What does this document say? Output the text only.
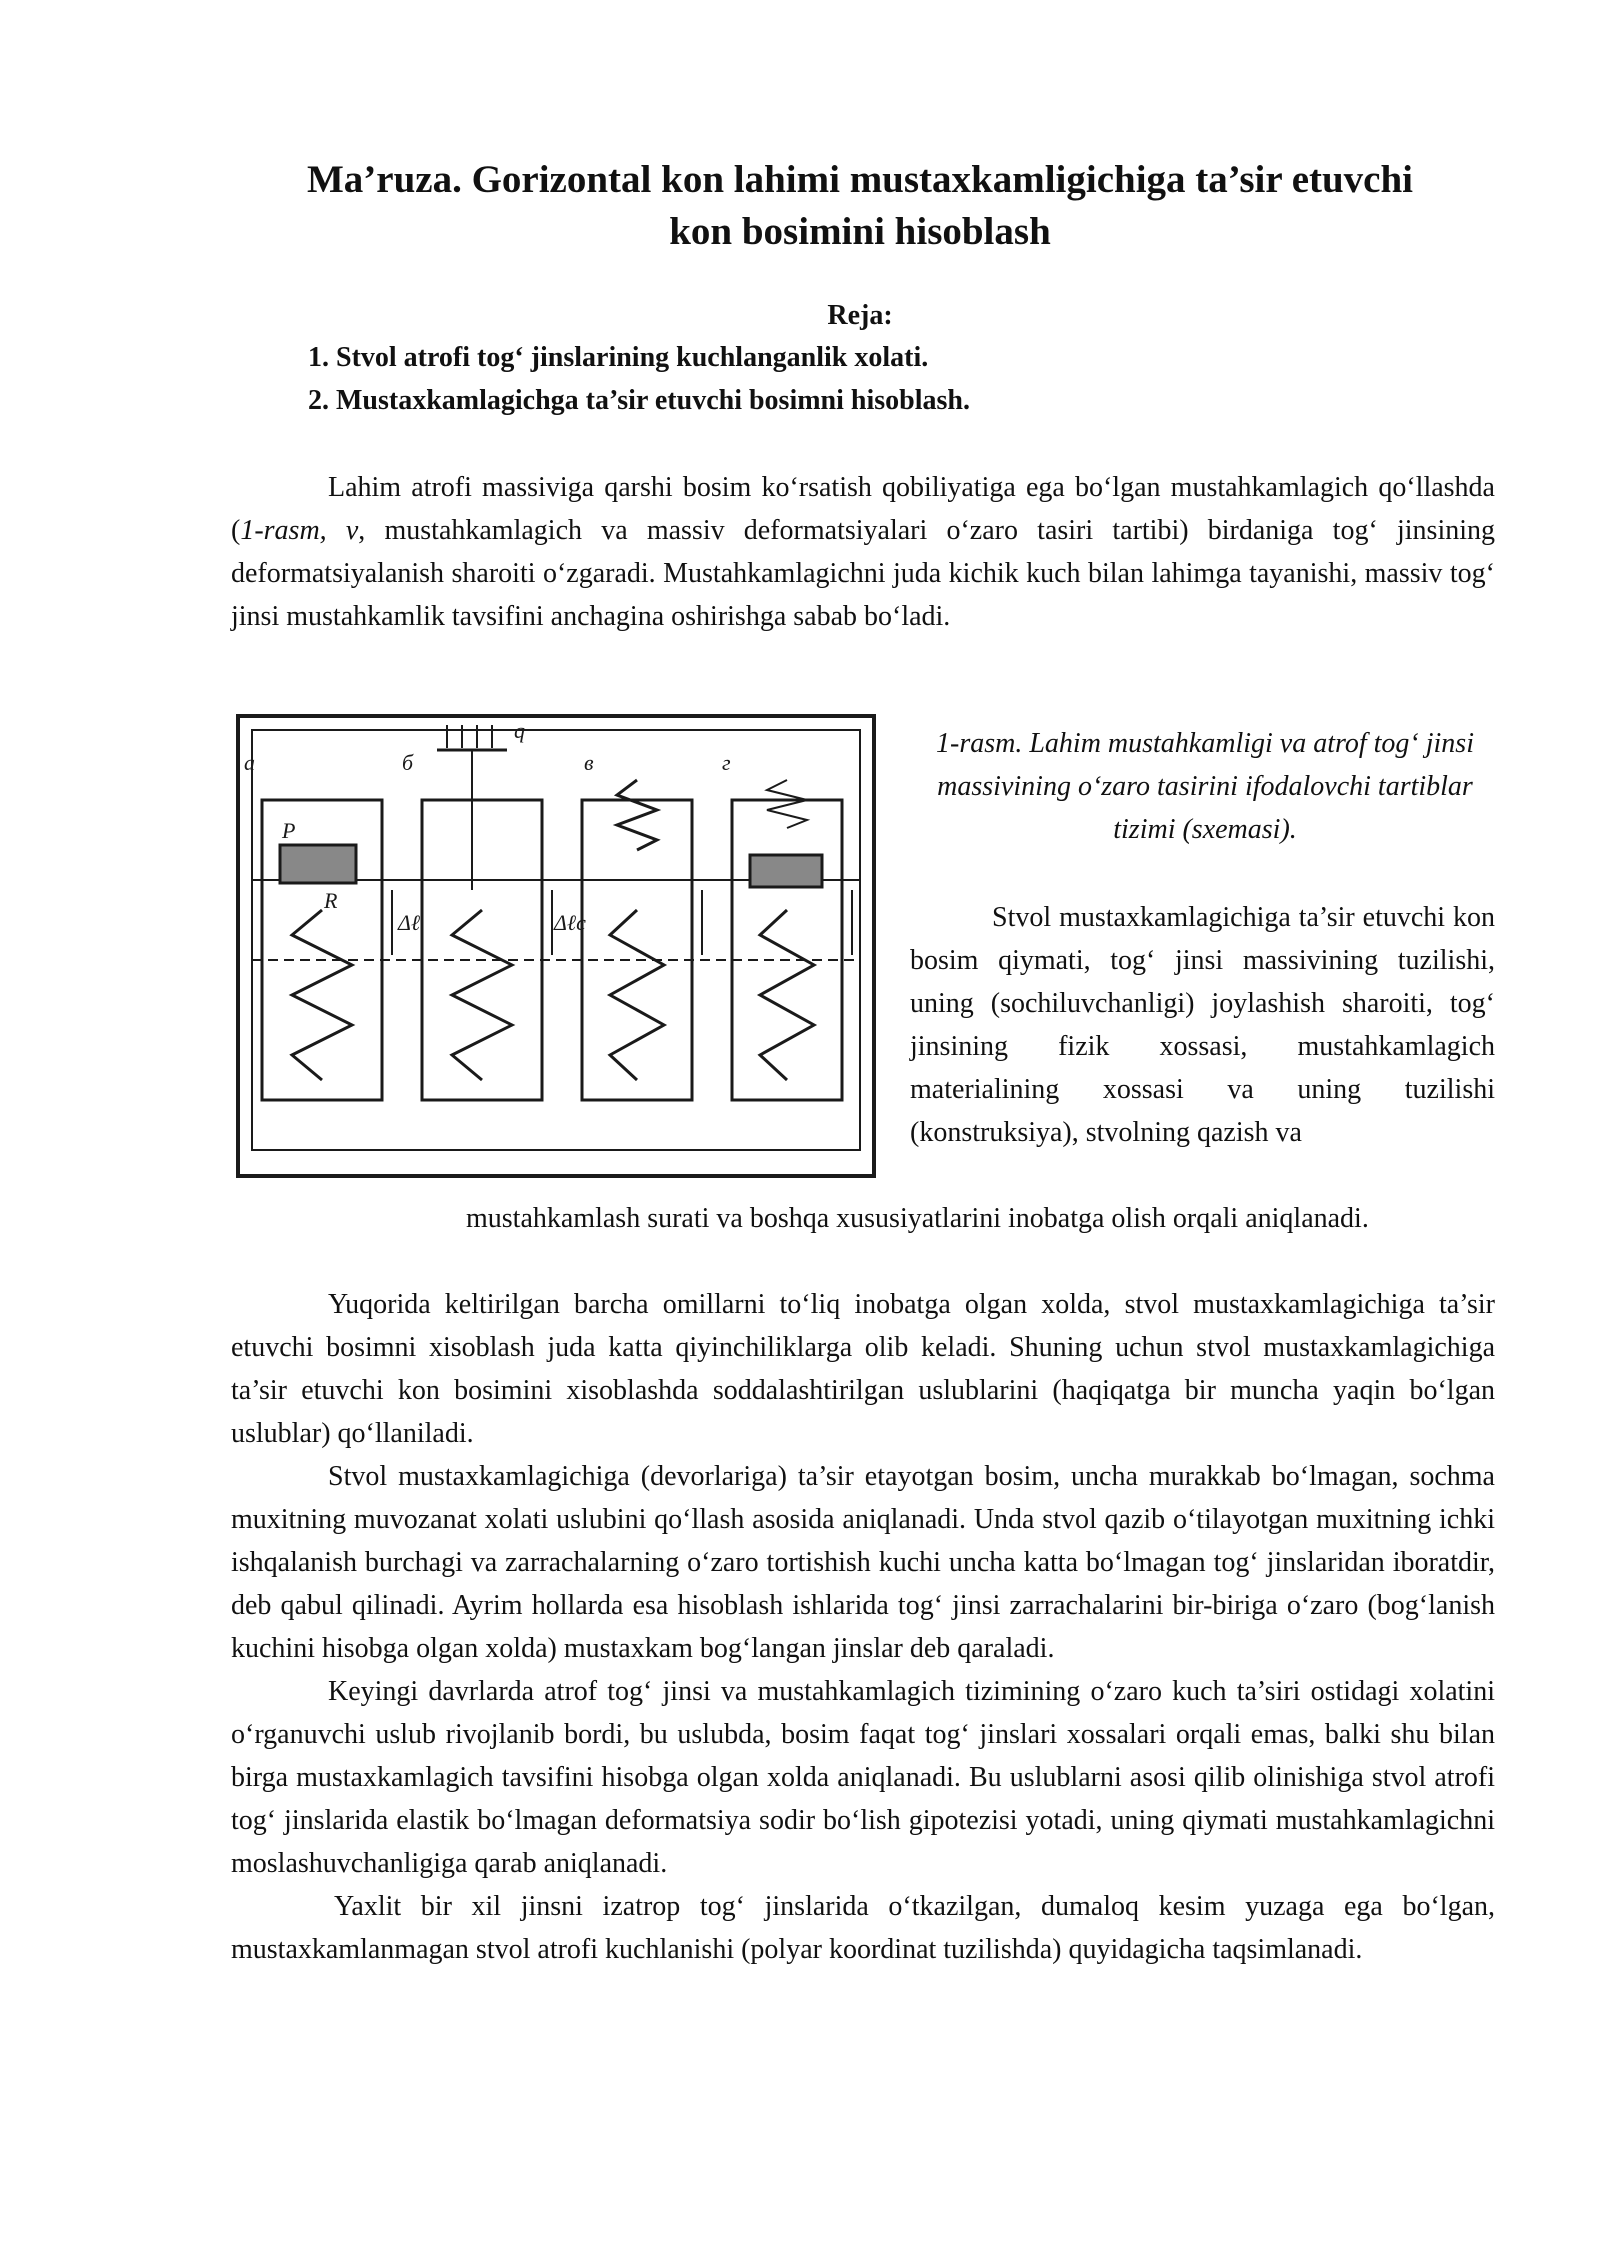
Ma’ruza. Gorizontal kon lahimi mustaxkamligichiga ta’sir etuvchi
kon bosimini hisoblash
Reja:
1. Stvol atrofi tog‘ jinslarining kuchlanganlik xolati.
2. Mustaxkamlagichga ta’sir etuvchi bosimni hisoblash.

Lahim atrofi massiviga qarshi bosim ko‘rsatish qobiliyatiga ega bo‘lgan mustahkamlagich qo‘llashda (1-rasm, v, mustahkamlagich va massiv deformatsiyalari o‘zaro tasiri tartibi) birdaniga tog‘ jinsining deformatsiyalanish sharoiti o‘zgaradi. Mustahkamlagichni juda kichik kuch bilan lahimga tayanishi, massiv tog‘ jinsi mustahkamlik tavsifini anchagina oshirishga sabab bo‘ladi.

a	б	в	г
P
q
R
Δℓ	Δℓc
1-rasm. Lahim mustahkamligi va atrof tog‘ jinsi massivining o‘zaro tasirini ifodalovchi tartiblar tizimi (sxemasi).

Stvol mustaxkamlagichiga ta’sir etuvchi kon bosim qiymati, tog‘ jinsi massivining tuzilishi, uning (sochiluvchanligi) joylashish sharoiti, tog‘ jinsining fizik xossasi, mustahkamlagich materialining xossasi va uning tuzilishi (konstruksiya), stvolning qazish va

mustahkamlash surati va boshqa xususiyatlarini inobatga olish orqali aniqlanadi.

Yuqorida keltirilgan barcha omillarni to‘liq inobatga olgan xolda, stvol mustaxkamlagichiga ta’sir etuvchi bosimni xisoblash juda katta qiyinchiliklarga olib keladi. Shuning uchun stvol mustaxkamlagichiga ta’sir etuvchi kon bosimini xisoblashda soddalashtirilgan uslublarini (haqiqatga bir muncha yaqin bo‘lgan uslublar) qo‘llaniladi.

Stvol mustaxkamlagichiga (devorlariga) ta’sir etayotgan bosim, uncha murakkab bo‘lmagan, sochma muxitning muvozanat xolati uslubini qo‘llash asosida aniqlanadi. Unda stvol qazib o‘tilayotgan muxitning ichki ishqalanish burchagi va zarrachalarning o‘zaro tortishish kuchi uncha katta bo‘lmagan tog‘ jinslaridan iboratdir, deb qabul qilinadi. Ayrim hollarda esa hisoblash ishlarida tog‘ jinsi zarrachalarini bir-biriga o‘zaro (bog‘lanish kuchini hisobga olgan xolda) mustaxkam bog‘langan jinslar deb qaraladi.

Keyingi davrlarda atrof tog‘ jinsi va mustahkamlagich tizimining o‘zaro kuch ta’siri ostidagi xolatini o‘rganuvchi uslub rivojlanib bordi, bu uslubda, bosim faqat tog‘ jinslari xossalari orqali emas, balki shu bilan birga mustaxkamlagich tavsifini hisobga olgan xolda aniqlanadi. Bu uslublarni asosi qilib olinishiga stvol atrofi tog‘ jinslarida elastik bo‘lmagan deformatsiya sodir bo‘lish gipotezisi yotadi, uning qiymati mustahkamlagichni moslashuvchanligiga qarab aniqlanadi.

Yaxlit bir xil jinsni izatrop tog‘ jinslarida o‘tkazilgan, dumaloq kesim yuzaga ega bo‘lgan, mustaxkamlanmagan stvol atrofi kuchlanishi (polyar koordinat tuzilishda) quyidagicha taqsimlanadi.
